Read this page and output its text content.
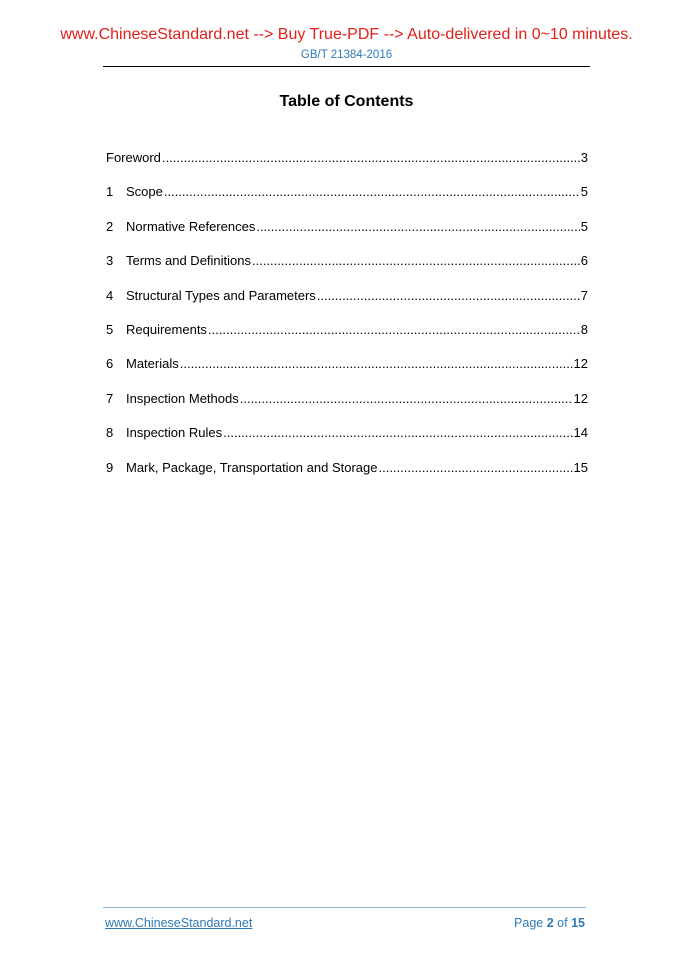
www.ChineseStandard.net --> Buy True-PDF --> Auto-delivered in 0~10 minutes.
GB/T 21384-2016
Table of Contents
Foreword .....	3
1 Scope .....	5
2 Normative References .....	5
3 Terms and Definitions .....	6
4 Structural Types and Parameters .....	7
5 Requirements .....	8
6 Materials .....	12
7 Inspection Methods .....	12
8 Inspection Rules .....	14
9 Mark, Package, Transportation and Storage .....	15
www.ChineseStandard.net	Page 2 of 15
